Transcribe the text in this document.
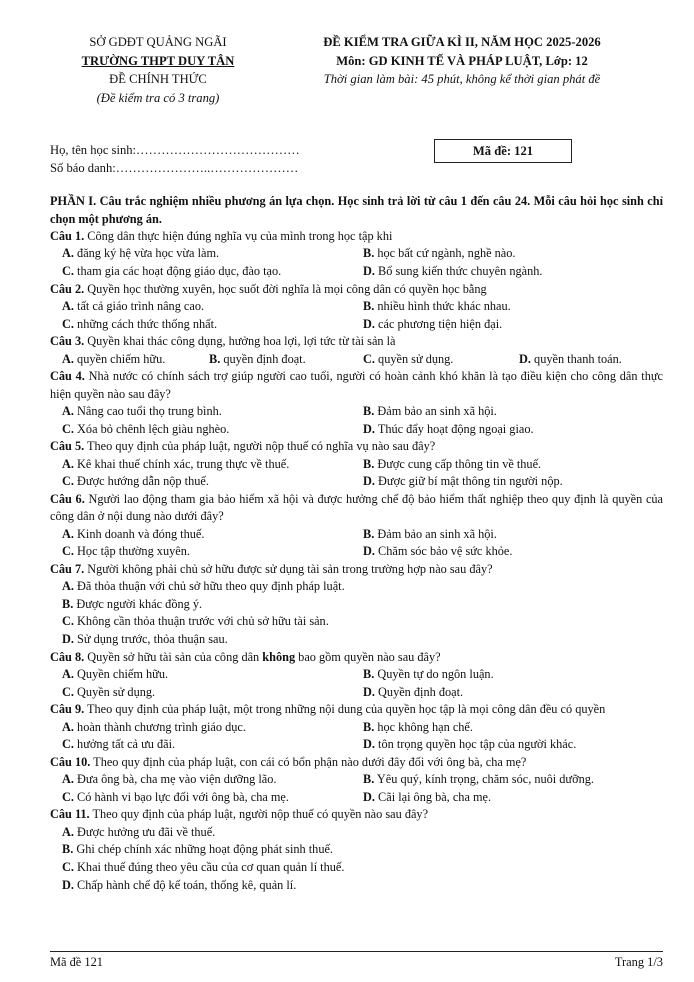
SỞ GDĐT QUẢNG NGÃI
TRƯỜNG THPT DUY TÂN
ĐỀ CHÍNH THỨC
(Đề kiểm tra có 3 trang)
ĐỀ KIỂM TRA GIỮA KÌ II, NĂM HỌC 2025-2026
Môn: GD KINH TẾ VÀ PHÁP LUẬT, Lớp: 12
Thời gian làm bài: 45 phút, không kể thời gian phát đề
Họ, tên học sinh:…………………………………
Số báo danh:…………………..…………………
Mã đề: 121
PHẦN I. Câu trắc nghiệm nhiều phương án lựa chọn. Học sinh trả lời từ câu 1 đến câu 24. Mỗi câu hỏi học sinh chỉ chọn một phương án.
Câu 1. Công dân thực hiện đúng nghĩa vụ của mình trong học tập khi
A. đăng ký hệ vừa học vừa làm.	B. học bất cứ ngành, nghề nào.
C. tham gia các hoạt động giáo dục, đào tạo.	D. Bổ sung kiến thức chuyên ngành.
Câu 2. Quyền học thường xuyên, học suốt đời nghĩa là mọi công dân có quyền học bằng
A. tất cả giáo trình nâng cao.	B. nhiều hình thức khác nhau.
C. những cách thức thống nhất.	D. các phương tiện hiện đại.
Câu 3. Quyền khai thác công dụng, hưởng hoa lợi, lợi tức từ tài sản là
A. quyền chiếm hữu.	B. quyền định đoạt.	C. quyền sử dụng.	D. quyền thanh toán.
Câu 4. Nhà nước có chính sách trợ giúp người cao tuổi, người có hoàn cảnh khó khăn là tạo điều kiện cho công dân thực hiện quyền nào sau đây?
A. Nâng cao tuổi thọ trung bình.	B. Đảm bảo an sinh xã hội.
C. Xóa bỏ chênh lệch giàu nghèo.	D. Thúc đẩy hoạt động ngoại giao.
Câu 5. Theo quy định của pháp luật, người nộp thuế có nghĩa vụ nào sau đây?
A. Kê khai thuế chính xác, trung thực về thuế.	B. Được cung cấp thông tin về thuế.
C. Được hướng dẫn nộp thuế.	D. Được giữ bí mật thông tin người nộp.
Câu 6. Người lao động tham gia bảo hiểm xã hội và được hưởng chế độ bảo hiểm thất nghiệp theo quy định là quyền của công dân ở nội dung nào dưới đây?
A. Kinh doanh và đóng thuế.	B. Đảm bảo an sinh xã hội.
C. Học tập thường xuyên.	D. Chăm sóc bảo vệ sức khỏe.
Câu 7. Người không phải chủ sở hữu được sử dụng tài sản trong trường hợp nào sau đây?
A. Đã thỏa thuận với chủ sở hữu theo quy định pháp luật.
B. Được người khác đồng ý.
C. Không cần thỏa thuận trước với chủ sở hữu tài sản.
D. Sử dụng trước, thỏa thuận sau.
Câu 8. Quyền sở hữu tài sản của công dân không bao gồm quyền nào sau đây?
A. Quyền chiếm hữu.	B. Quyền tự do ngôn luận.
C. Quyền sử dụng.	D. Quyền định đoạt.
Câu 9. Theo quy định của pháp luật, một trong những nội dung của quyền học tập là mọi công dân đều có quyền
A. hoàn thành chương trình giáo dục.	B. học không hạn chế.
C. hưởng tất cả ưu đãi.	D. tôn trọng quyền học tập của người khác.
Câu 10. Theo quy định của pháp luật, con cái có bổn phận nào dưới đây đối với ông bà, cha mẹ?
A. Đưa ông bà, cha mẹ vào viện dưỡng lão.	B. Yêu quý, kính trọng, chăm sóc, nuôi dưỡng.
C. Có hành vi bạo lực đối với ông bà, cha mẹ.	D. Cãi lại ông bà, cha mẹ.
Câu 11. Theo quy định của pháp luật, người nộp thuế có quyền nào sau đây?
A. Được hưởng ưu đãi về thuế.
B. Ghi chép chính xác những hoạt động phát sinh thuế.
C. Khai thuế đúng theo yêu cầu của cơ quan quản lí thuế.
D. Chấp hành chế độ kế toán, thống kê, quản lí.
Mã đề 121	Trang 1/3
